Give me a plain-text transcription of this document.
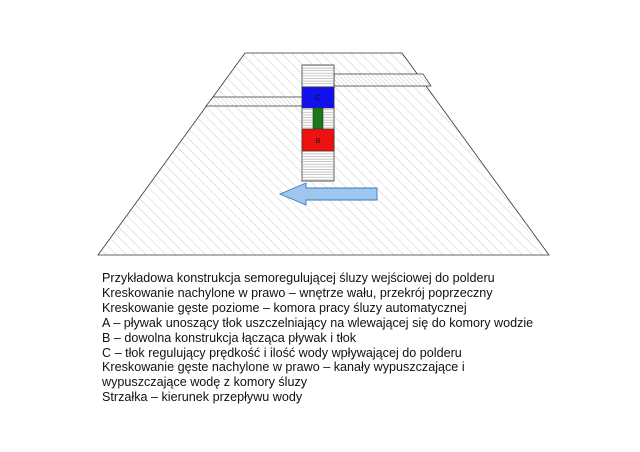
C
B
Przykładowa konstrukcja semoregulującej śluzy wejściowej do polderu
Kreskowanie nachylone w prawo – wnętrze wału, przekrój poprzeczny
Kreskowanie gęste poziome – komora pracy śluzy automatycznej
A – pływak unoszący tłok uszczelniający na wlewającej się do komory wodzie
B – dowolna konstrukcja łącząca pływak i tłok
C – tłok regulujący prędkość i ilość wody wpływającej do polderu
Kreskowanie gęste nachylone w prawo – kanały wypuszczające i
wypuszczające wodę z komory śluzy
Strzałka – kierunek przepływu wody
